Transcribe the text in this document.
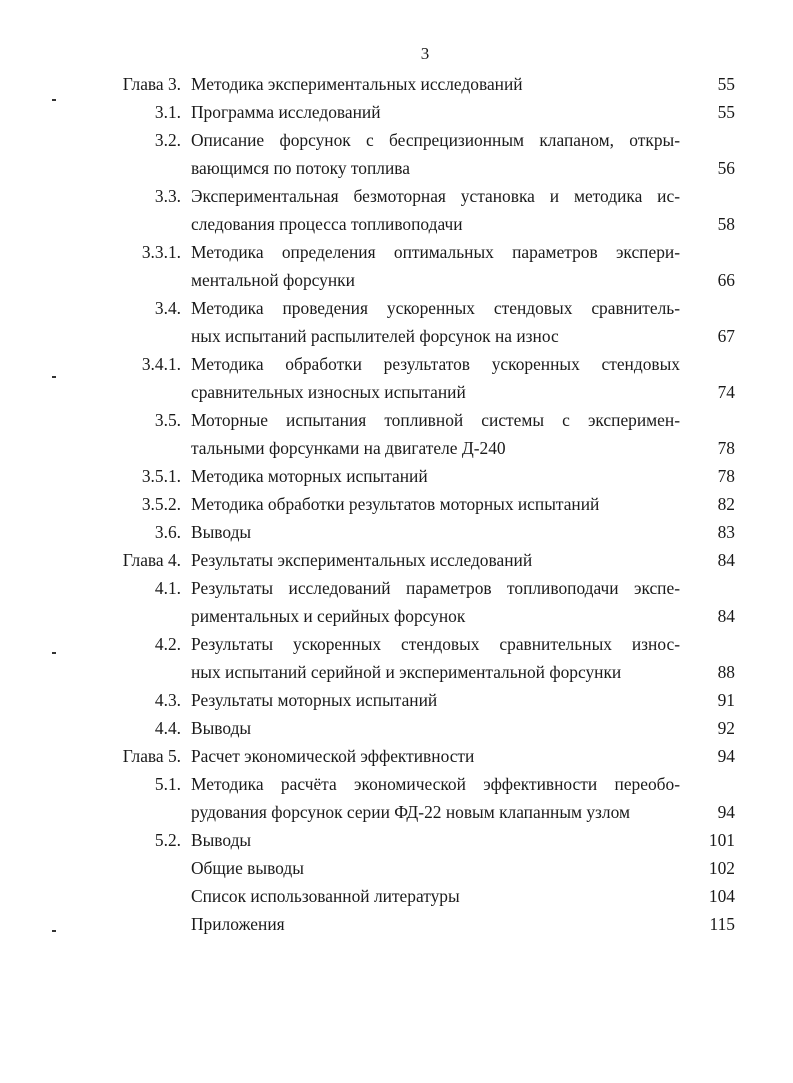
3
Глава 3. Методика экспериментальных исследований	55
3.1. Программа исследований	55
3.2. Описание форсунок с беспрецизионным клапаном, откры-
вающимся по потоку топлива	56
3.3. Экспериментальная безмоторная установка и методика ис-
следования процесса топливоподачи	58
3.3.1. Методика определения оптимальных параметров экспери-
ментальной форсунки	66
3.4. Методика проведения ускоренных стендовых сравнитель-
ных испытаний распылителей форсунок на износ	67
3.4.1. Методика обработки результатов ускоренных стендовых
сравнительных износных испытаний	74
3.5. Моторные испытания топливной системы с эксперимен-
тальными форсунками на двигателе Д-240	78
3.5.1. Методика моторных испытаний	78
3.5.2. Методика обработки результатов моторных испытаний	82
3.6. Выводы	83
Глава 4. Результаты экспериментальных исследований	84
4.1. Результаты исследований параметров топливоподачи экспе-
риментальных и серийных форсунок	84
4.2. Результаты ускоренных стендовых сравнительных износ-
ных испытаний серийной и экспериментальной форсунки	88
4.3. Результаты моторных испытаний	91
4.4. Выводы	92
Глава 5. Расчет экономической эффективности	94
5.1. Методика расчёта экономической эффективности переобо-
рудования форсунок серии ФД-22 новым клапанным узлом	94
5.2. Выводы	101
Общие выводы	102
Список использованной литературы	104
Приложения	115
